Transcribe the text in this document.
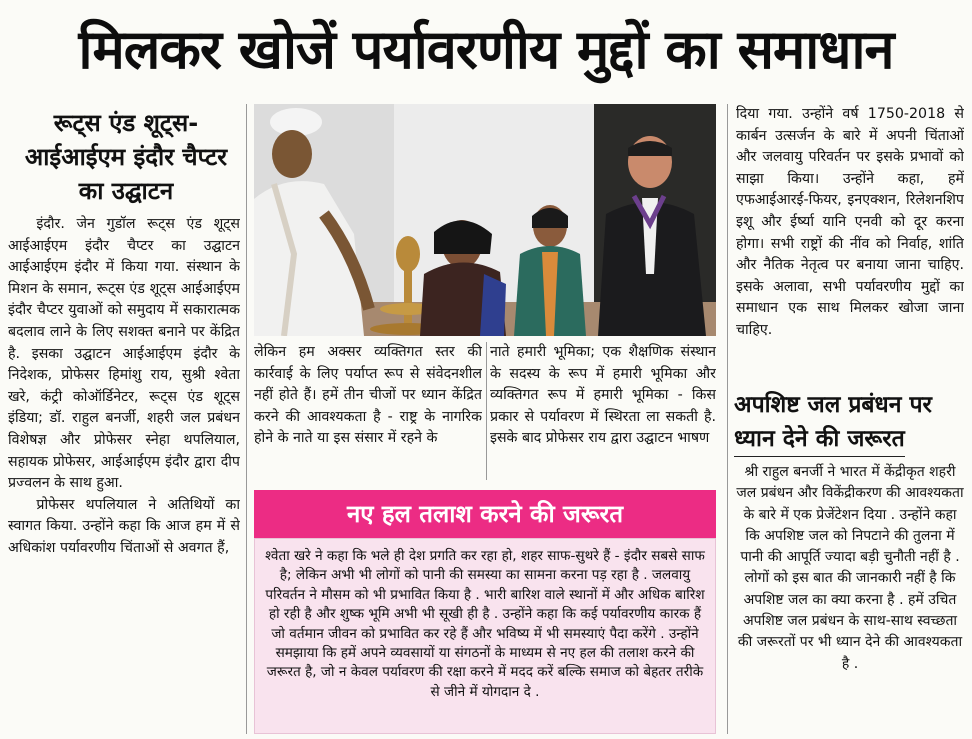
मिलकर खोजें पर्यावरणीय मुद्दों का समाधान
रूट्स एंड शूट्स-
आईआईएम इंदौर चैप्टर
का उद्घाटन

इंदौर. जेन गुडॉल रूट्स एंड शूट्स आईआईएम इंदौर चैप्टर का उद्घाटन आईआईएम इंदौर में किया गया. संस्थान के मिशन के समान, रूट्स एंड शूट्स आईआईएम इंदौर चैप्टर युवाओं को समुदाय में सकारात्मक बदलाव लाने के लिए सशक्त बनाने पर केंद्रित है. इसका उद्घाटन आईआईएम इंदौर के निदेशक, प्रोफेसर हिमांशु राय, सुश्री श्वेता खरे, कंट्री कोऑर्डिनेटर, रूट्स एंड शूट्स इंडिया; डॉ. राहुल बनर्जी, शहरी जल प्रबंधन विशेषज्ञ और प्रोफेसर स्नेहा थपलियाल, सहायक प्रोफेसर, आईआईएम इंदौर द्वारा दीप प्रज्वलन के साथ हुआ.

प्रोफेसर थपलियाल ने अतिथियों का स्वागत किया. उन्होंने कहा कि आज हम में से अधिकांश पर्यावरणीय चिंताओं से अवगत हैं,

लेकिन हम अक्सर व्यक्तिगत स्तर की कार्रवाई के लिए पर्याप्त रूप से संवेदनशील नहीं होते हैं। हमें तीन चीजों पर ध्यान केंद्रित करने की आवश्यकता है - राष्ट्र के नागरिक होने के नाते या इस संसार में रहने के

नाते हमारी भूमिका; एक शैक्षणिक संस्थान के सदस्य के रूप में हमारी भूमिका और व्यक्तिगत रूप में हमारी भूमिका - किस प्रकार से पर्यावरण में स्थिरता ला सकती है. इसके बाद प्रोफेसर राय द्वारा उद्घाटन भाषण

दिया गया. उन्होंने वर्ष 1750-2018 से कार्बन उत्सर्जन के बारे में अपनी चिंताओं और जलवायु परिवर्तन पर इसके प्रभावों को साझा किया। उन्होंने कहा, हमें एफआईआरई-फियर, इनएक्शन, रिलेशनशिप इशू और ईर्ष्या यानि एनवी को दूर करना होगा। सभी राष्ट्रों की नींव को निर्वाह, शांति और नैतिक नेतृत्व पर बनाया जाना चाहिए. इसके अलावा, सभी पर्यावरणीय मुद्दों का समाधान एक साथ मिलकर खोजा जाना चाहिए.

अपशिष्ट जल प्रबंधन पर
ध्यान देने की जरूरत

श्री राहुल बनर्जी ने भारत में केंद्रीकृत शहरी जल प्रबंधन और विकेंद्रीकरण की आवश्यकता के बारे में एक प्रेजेंटेशन दिया . उन्होंने कहा कि अपशिष्ट जल को निपटाने की तुलना में पानी की आपूर्ति ज्यादा बड़ी चुनौती नहीं है . लोगों को इस बात की जानकारी नहीं है कि अपशिष्ट जल का क्या करना है . हमें उचित अपशिष्ट जल प्रबंधन के साथ-साथ स्वच्छता की जरूरतों पर भी ध्यान देने की आवश्यकता है .

नए हल तलाश करने की जरूरत

श्वेता खरे ने कहा कि भले ही देश प्रगति कर रहा हो, शहर साफ-सुथरे हैं - इंदौर सबसे साफ है; लेकिन अभी भी लोगों को पानी की समस्या का सामना करना पड़ रहा है . जलवायु परिवर्तन ने मौसम को भी प्रभावित किया है . भारी बारिश वाले स्थानों में और अधिक बारिश हो रही है और शुष्क भूमि अभी भी सूखी ही है . उन्होंने कहा कि कई पर्यावरणीय कारक हैं जो वर्तमान जीवन को प्रभावित कर रहे हैं और भविष्य में भी समस्याएं पैदा करेंगे . उन्होंने समझाया कि हमें अपने व्यवसायों या संगठनों के माध्यम से नए हल की तलाश करने की जरूरत है, जो न केवल पर्यावरण की रक्षा करने में मदद करें बल्कि समाज को बेहतर तरीके से जीने में योगदान दे .
